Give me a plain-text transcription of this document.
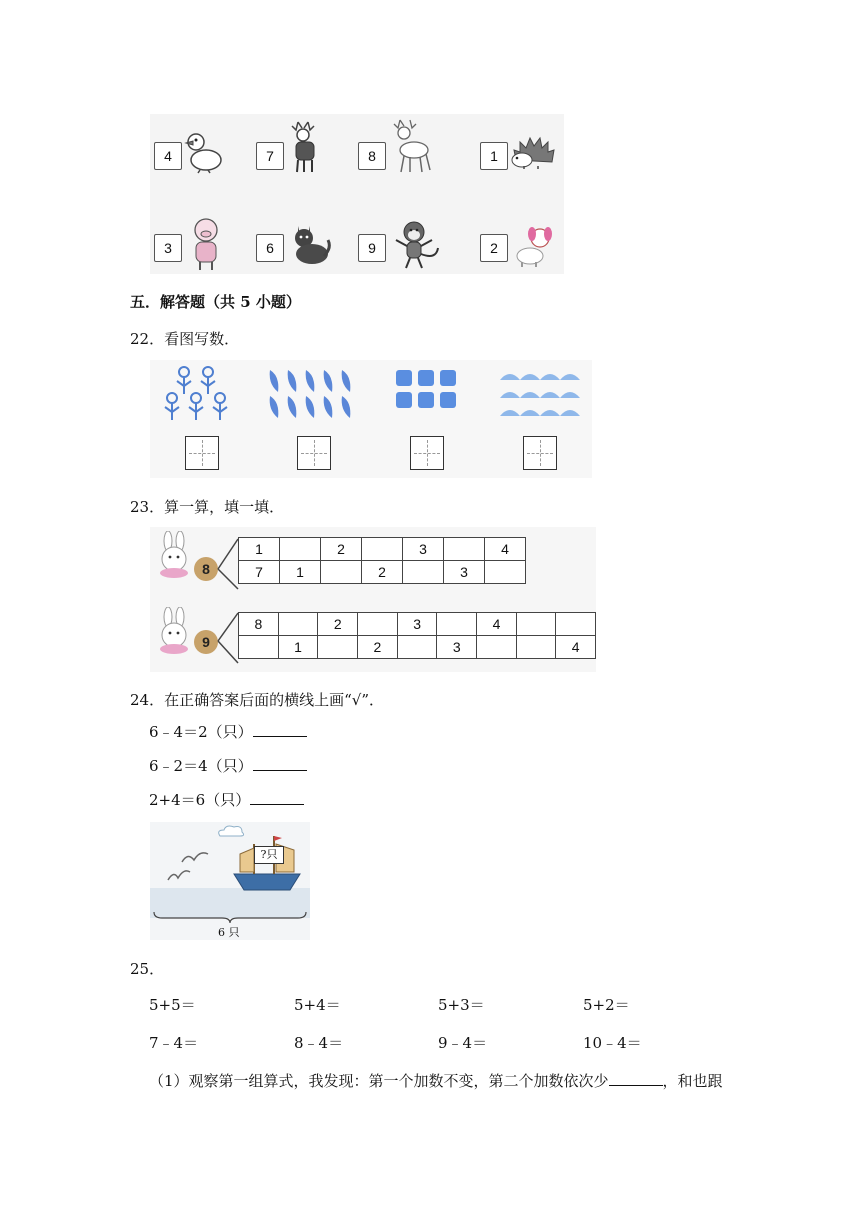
4	7	8	1
3	6	9	2
五．解答题（共 5 小题）
22．看图写数．
23．算一算，填一填．
8
1		2		3		4
7	1		2		3	
9
8		2		3		4		
	1		2		3			4
24．在正确答案后面的横线上画“√”．
6﹣4＝2（只）
6﹣2＝4（只）
2+4＝6（只）
?只
6 只
25．
5+5＝	5+4＝	5+3＝	5+2＝
7﹣4＝	8﹣4＝	9﹣4＝	10﹣4＝
（1）观察第一组算式，我发现：第一个加数不变，第二个加数依次少	，和也跟
